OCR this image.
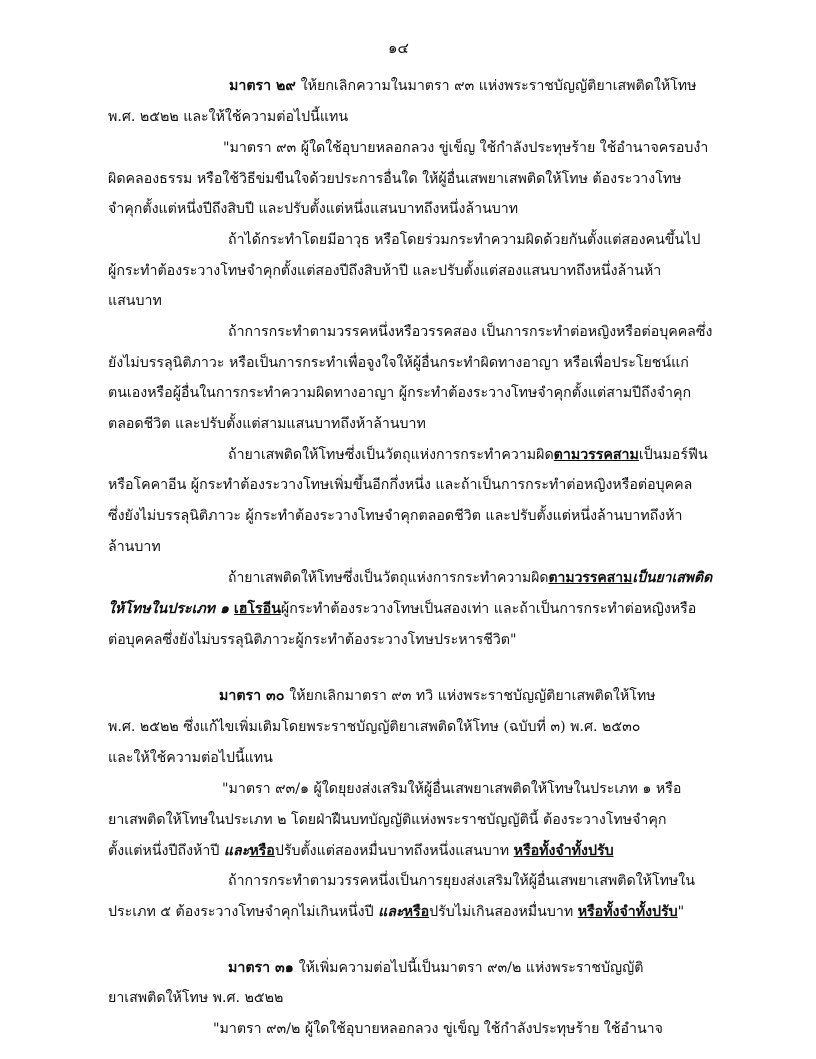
๑๔
มาตรา ๒๙ ให้ยกเลิกความในมาตรา ๙๓ แห่งพระราชบัญญัติยาเสพติดให้โทษ
พ.ศ. ๒๕๒๒ และให้ใช้ความต่อไปนี้แทน
"มาตรา ๙๓ ผู้ใดใช้อุบายหลอกลวง ขู่เข็ญ ใช้กำลังประทุษร้าย ใช้อำนาจครอบงำ
ผิดคลองธรรม หรือใช้วิธีข่มขืนใจด้วยประการอื่นใด ให้ผู้อื่นเสพยาเสพติดให้โทษ ต้องระวางโทษ
จำคุกตั้งแต่หนึ่งปีถึงสิบปี และปรับตั้งแต่หนึ่งแสนบาทถึงหนึ่งล้านบาท
ถ้าได้กระทำโดยมีอาวุธ หรือโดยร่วมกระทำความผิดด้วยกันตั้งแต่สองคนขึ้นไป
ผู้กระทำต้องระวางโทษจำคุกตั้งแต่สองปีถึงสิบห้าปี และปรับตั้งแต่สองแสนบาทถึงหนึ่งล้านห้า
แสนบาท
ถ้าการกระทำตามวรรคหนึ่งหรือวรรคสอง เป็นการกระทำต่อหญิงหรือต่อบุคคลซึ่ง
ยังไม่บรรลุนิติภาวะ หรือเป็นการกระทำเพื่อจูงใจให้ผู้อื่นกระทำผิดทางอาญา หรือเพื่อประโยชน์แก่
ตนเองหรือผู้อื่นในการกระทำความผิดทางอาญา ผู้กระทำต้องระวางโทษจำคุกตั้งแต่สามปีถึงจำคุก
ตลอดชีวิต และปรับตั้งแต่สามแสนบาทถึงห้าล้านบาท
ถ้ายาเสพติดให้โทษซึ่งเป็นวัตถุแห่งการกระทำความผิดตามวรรคสามเป็นมอร์ฟีน
หรือโคคาอีน ผู้กระทำต้องระวางโทษเพิ่มขึ้นอีกกึ่งหนึ่ง และถ้าเป็นการกระทำต่อหญิงหรือต่อบุคคล
ซึ่งยังไม่บรรลุนิติภาวะ ผู้กระทำต้องระวางโทษจำคุกตลอดชีวิต และปรับตั้งแต่หนึ่งล้านบาทถึงห้า
ล้านบาท
ถ้ายาเสพติดให้โทษซึ่งเป็นวัตถุแห่งการกระทำความผิดตามวรรคสามเป็นยาเสพติด
ให้โทษในประเภท ๑ เฮโรอีนผู้กระทำต้องระวางโทษเป็นสองเท่า และถ้าเป็นการกระทำต่อหญิงหรือ
ต่อบุคคลซึ่งยังไม่บรรลุนิติภาวะผู้กระทำต้องระวางโทษประหารชีวิต"
มาตรา ๓๐ ให้ยกเลิกมาตรา ๙๓ ทวิ แห่งพระราชบัญญัติยาเสพติดให้โทษ
พ.ศ. ๒๕๒๒ ซึ่งแก้ไขเพิ่มเติมโดยพระราชบัญญัติยาเสพติดให้โทษ (ฉบับที่ ๓) พ.ศ. ๒๕๓๐
และให้ใช้ความต่อไปนี้แทน
"มาตรา ๙๓/๑ ผู้ใดยุยงส่งเสริมให้ผู้อื่นเสพยาเสพติดให้โทษในประเภท ๑ หรือ
ยาเสพติดให้โทษในประเภท ๒ โดยฝ่าฝืนบทบัญญัติแห่งพระราชบัญญัตินี้ ต้องระวางโทษจำคุก
ตั้งแต่หนึ่งปีถึงห้าปี และหรือปรับตั้งแต่สองหมื่นบาทถึงหนึ่งแสนบาท หรือทั้งจำทั้งปรับ
ถ้าการกระทำตามวรรคหนึ่งเป็นการยุยงส่งเสริมให้ผู้อื่นเสพยาเสพติดให้โทษใน
ประเภท ๕ ต้องระวางโทษจำคุกไม่เกินหนึ่งปี และหรือปรับไม่เกินสองหมื่นบาท หรือทั้งจำทั้งปรับ"
มาตรา ๓๑ ให้เพิ่มความต่อไปนี้เป็นมาตรา ๙๓/๒ แห่งพระราชบัญญัติ
ยาเสพติดให้โทษ พ.ศ. ๒๕๒๒
"มาตรา ๙๓/๒ ผู้ใดใช้อุบายหลอกลวง ขู่เข็ญ ใช้กำลังประทุษร้าย ใช้อำนาจ
